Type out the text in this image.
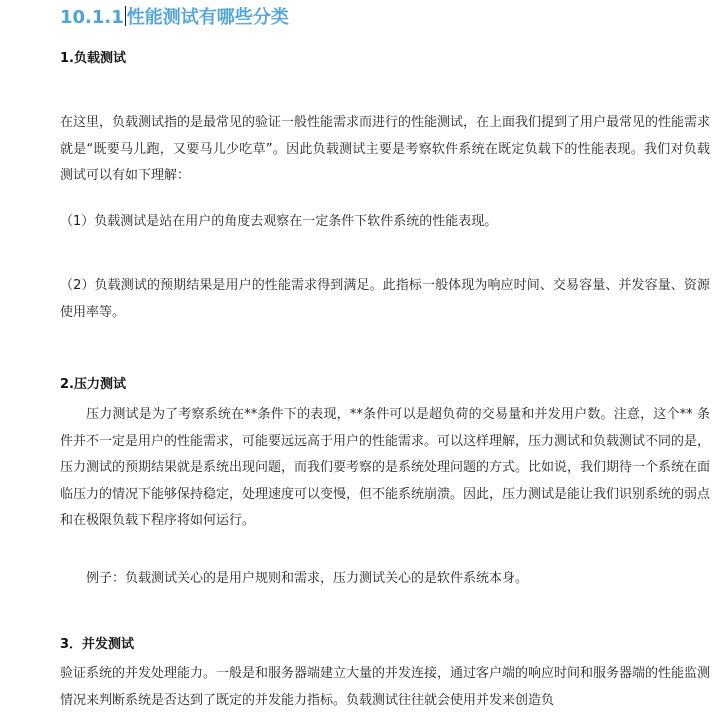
10.1.1 性能测试有哪些分类
1.负载测试
在这里，负载测试指的是最常见的验证一般性能需求而进行的性能测试，在上面我们提到了用户最常见的性能需求就是“既要马儿跑，又要马儿少吃草”。因此负载测试主要是考察软件系统在既定负载下的性能表现。我们对负载测试可以有如下理解：
（1）负载测试是站在用户的角度去观察在一定条件下软件系统的性能表现。
（2）负载测试的预期结果是用户的性能需求得到满足。此指标一般体现为响应时间、交易容量、并发容量、资源使用率等。
2.压力测试
压力测试是为了考察系统在**条件下的表现，**条件可以是超负荷的交易量和并发用户数。注意，这个** 条件并不一定是用户的性能需求，可能要远远高于用户的性能需求。可以这样理解，压力测试和负载测试不同的是，压力测试的预期结果就是系统出现问题，而我们要考察的是系统处理问题的方式。比如说，我们期待一个系统在面临压力的情况下能够保持稳定，处理速度可以变慢，但不能系统崩溃。因此，压力测试是能让我们识别系统的弱点和在极限负载下程序将如何运行。
例子：负载测试关心的是用户规则和需求，压力测试关心的是软件系统本身。
3．并发测试
验证系统的并发处理能力。一般是和服务器端建立大量的并发连接，通过客户端的响应时间和服务器端的性能监测情况来判断系统是否达到了既定的并发能力指标。负载测试往往就会使用并发来创造负
